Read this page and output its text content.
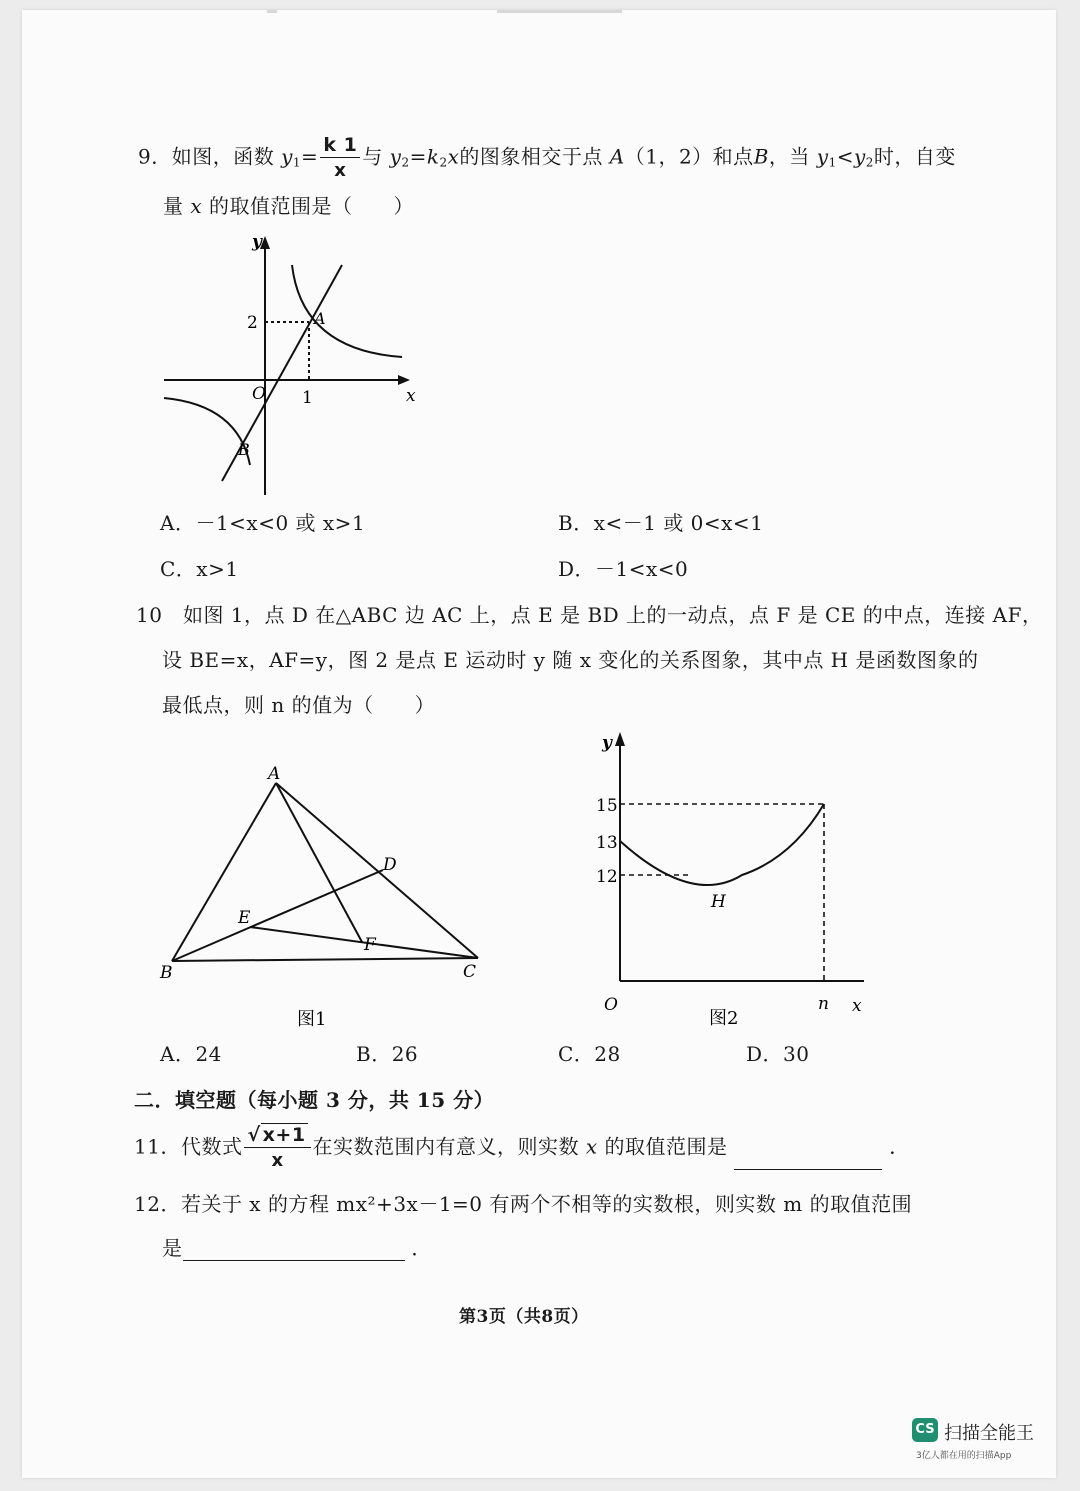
9．如图，函数 $y_1= \frac{k 1}{x}$ 与 $y_2=k_2x$的图象相交于点 A（1，2）和点B，当 $y_1<y_2$时，自变
量 x 的取值范围是（　　）
y
x
O
2
1
A
B
A．－1<x<0 或 x>1	B．x<－1 或 0<x<1
C．x>1	D．－1<x<0
10　如图 1，点 D 在△ABC 边 AC 上，点 E 是 BD 上的一动点，点 F 是 CE 的中点，连接 AF，
设 BE=x，AF=y，图 2 是点 E 运动时 y 随 x 变化的关系图象，其中点 H 是函数图象的
最低点，则 n 的值为（　　）
A
B	C
D
E
F
图1
y
x
O
15
13
12
H
n
图2
A．24	B．26	C．28	D．30
二．填空题（每小题 3 分，共 15 分）
11．代数式 $\frac{√ x+1}{x}$ 在实数范围内有意义，则实数 x 的取值范围是	．
12．若关于 x 的方程 mx²+3x－1=0 有两个不相等的实数根，则实数 m 的取值范围
是	．
第3页（共8页）
CS 扫描全能王
3亿人都在用的扫描App
